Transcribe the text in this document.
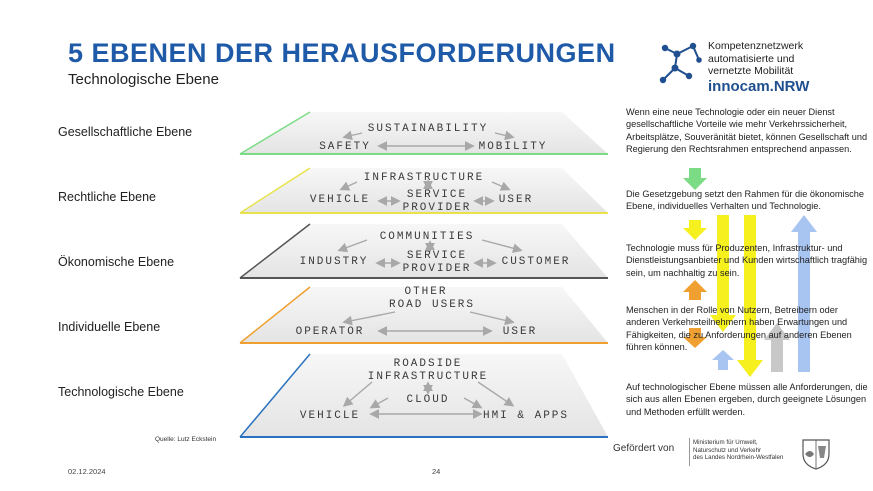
5 EBENEN DER HERAUSFORDERUNGEN
Technologische Ebene
Kompetenznetzwerk
automatisierte und
vernetzte Mobilität
innocam.NRW
Gesellschaftliche Ebene
Rechtliche Ebene
Ökonomische Ebene
Individuelle Ebene
Technologische Ebene
SUSTAINABILITY
SAFETY	MOBILITY
INFRASTRUCTURE
VEHICLE	SERVICE
PROVIDER
USER
COMMUNITIES
INDUSTRY	SERVICE
PROVIDER
CUSTOMER
OTHER
ROAD USERS
OPERATOR	USER
ROADSIDE
INFRASTRUCTURE
CLOUD
VEHICLE	HMI & APPS
Wenn eine neue Technologie oder ein neuer Dienst gesellschaftliche Vorteile wie mehr Verkehrssicherheit, Arbeitsplätze, Souveränität bietet, können Gesellschaft und Regierung den Rechtsrahmen entsprechend anpassen.
Die Gesetzgebung setzt den Rahmen für die ökonomische Ebene, individuelles Verhalten und Technologie.
Technologie muss für Produzenten, Infrastruktur- und Dienstleistungsanbieter und Kunden wirtschaftlich tragfähig sein, um nachhaltig zu sein.
Menschen in der Rolle von Nutzern, Betreibern oder anderen Verkehrsteilnehmern haben Erwartungen und Fähigkeiten, die zu Anforderungen auf anderen Ebenen führen können.
Auf technologischer Ebene müssen alle Anforderungen, die sich aus allen Ebenen ergeben, durch geeignete Lösungen und Methoden erfüllt werden.
Quelle: Lutz Eckstein
02.12.2024	24
Gefördert von
Ministerium für Umwelt,
Naturschutz und Verkehr
des Landes Nordrhein-Westfalen
